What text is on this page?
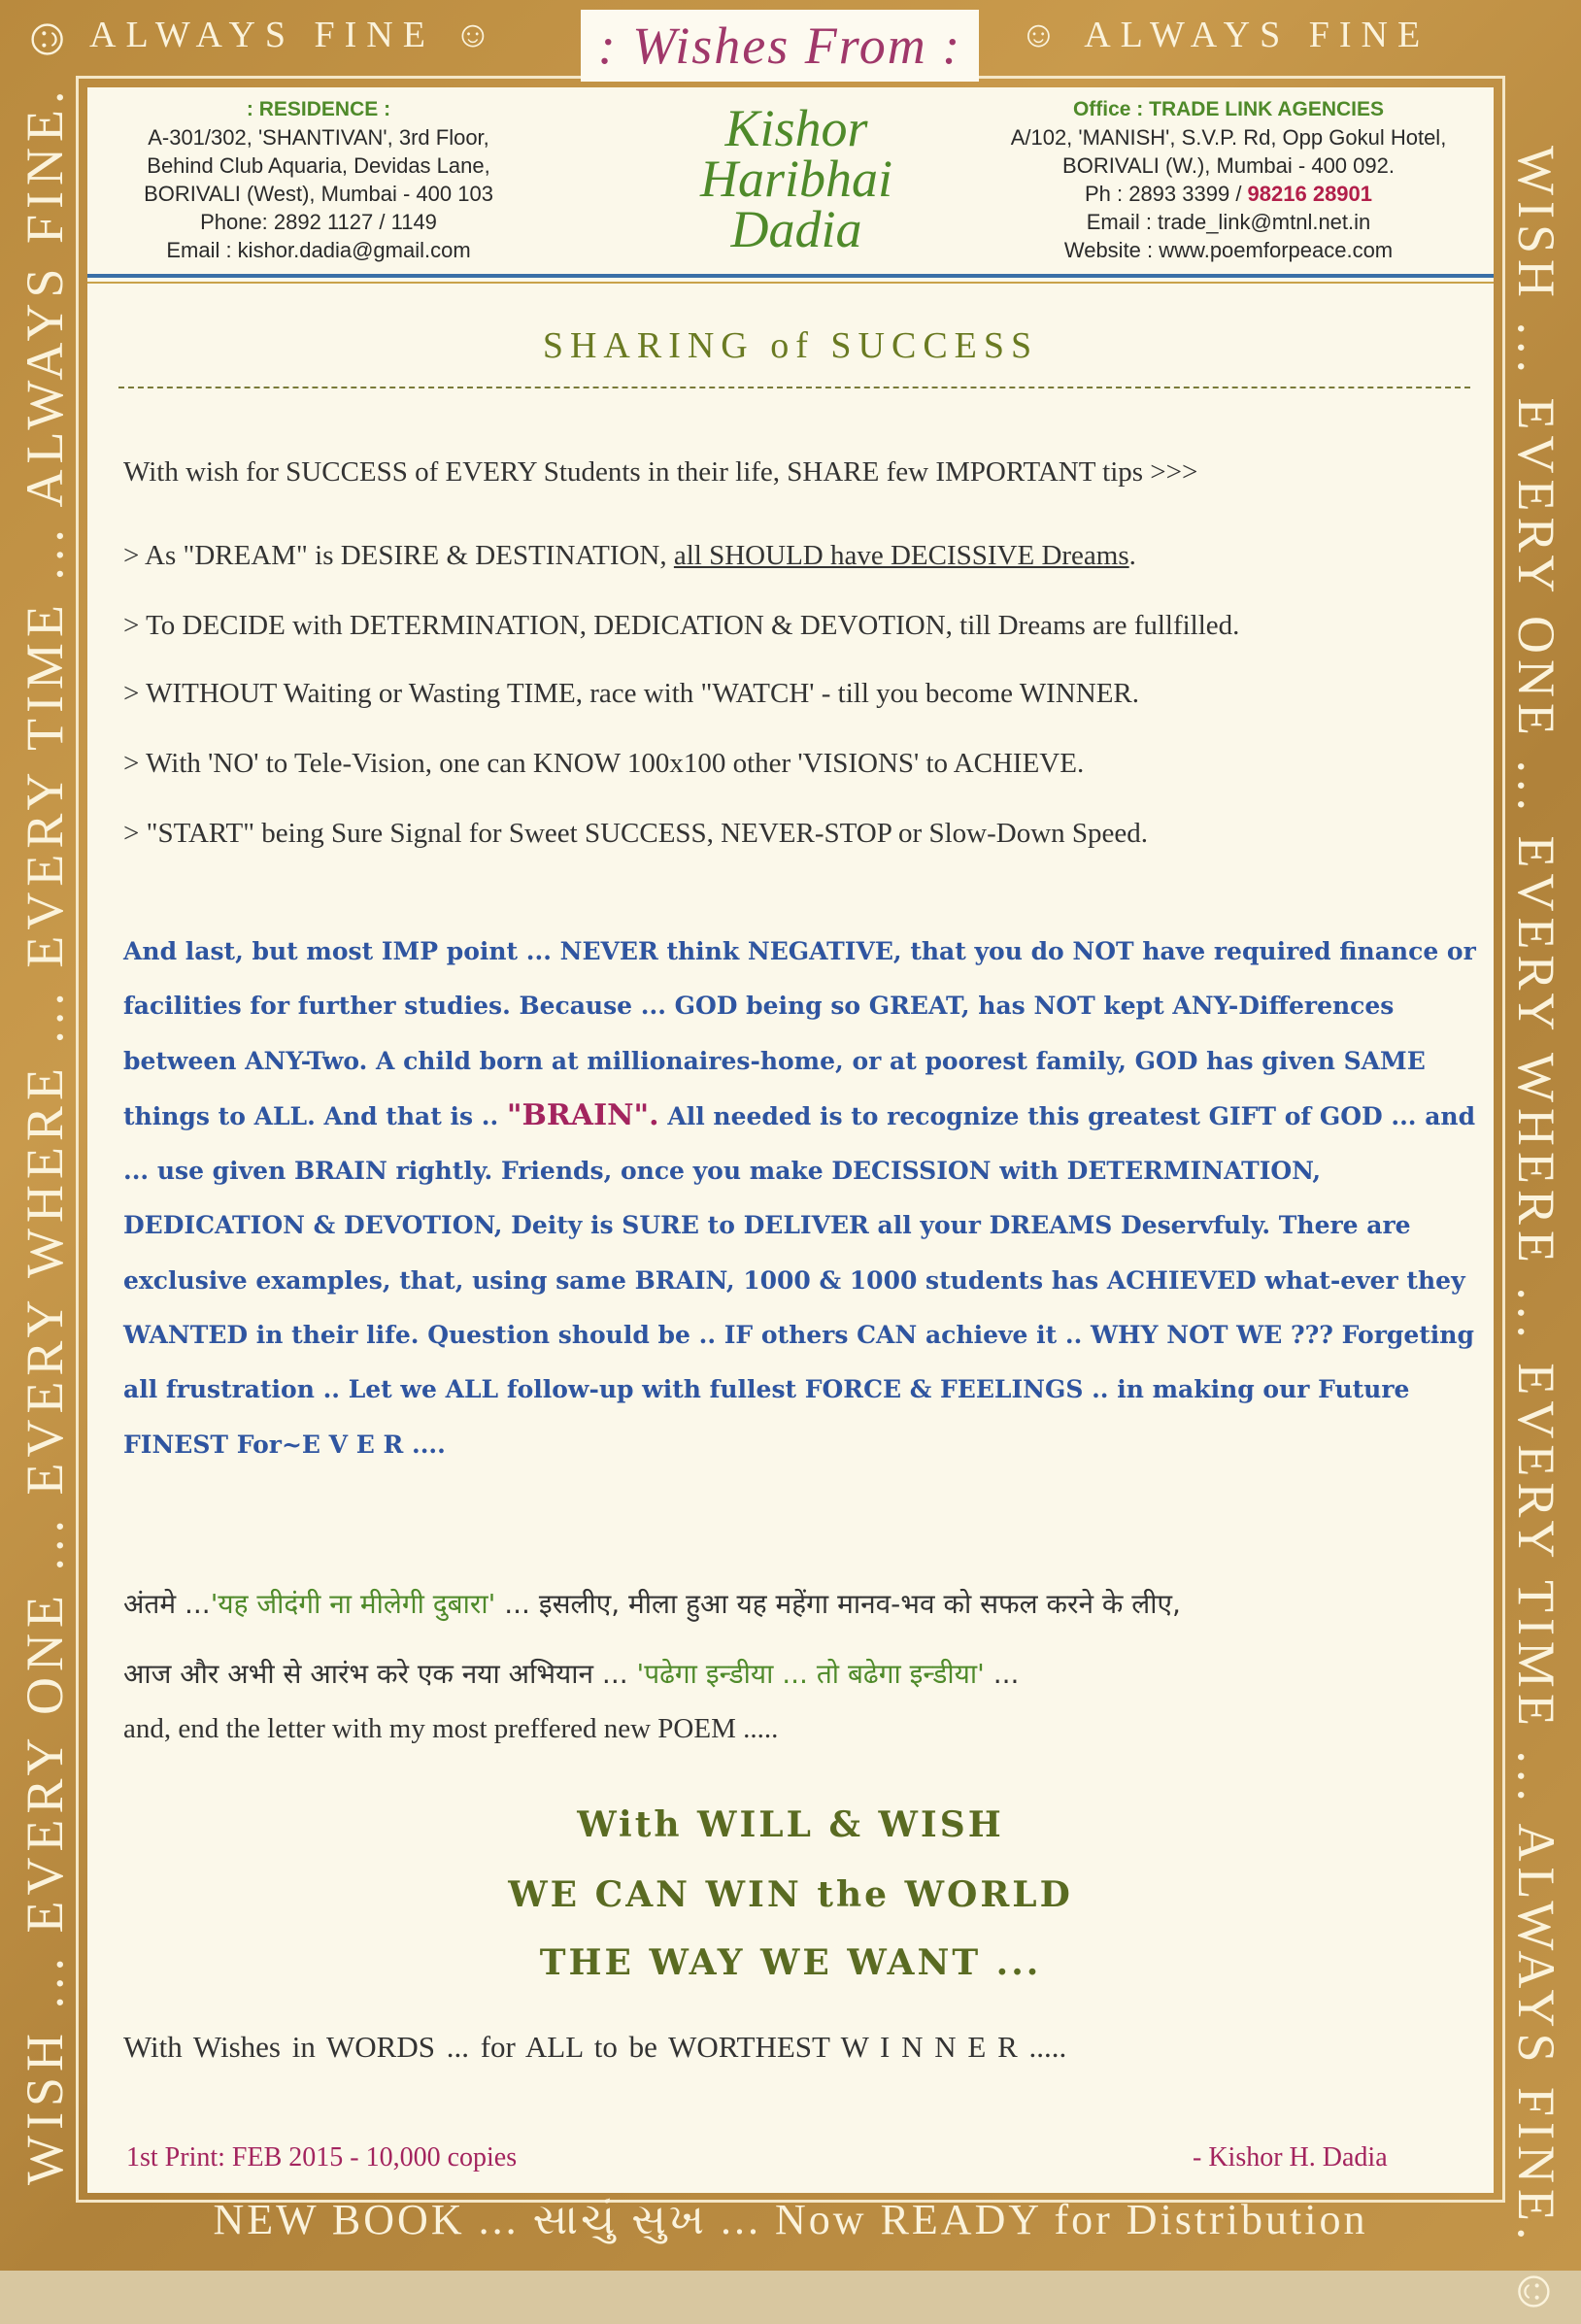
ALWAYS FINE ☺	: Wishes From :	☺ ALWAYS FINE
WISH ... EVERY ONE ... EVERY WHERE ... EVERY TIME ... ALWAYS FINE. ☺	WISH ... EVERY ONE ... EVERY WHERE ... EVERY TIME ... ALWAYS FINE. ☺
NEW BOOK ... સાચું સુખ ... Now READY for Distribution
: RESIDENCE :
A-301/302, 'SHANTIVAN', 3rd Floor,
Behind Club Aquaria, Devidas Lane,
BORIVALI (West), Mumbai - 400 103
Phone: 2892 1127 / 1149
Email : kishor.dadia@gmail.com
Kishor
Haribhai
Dadia
Office : TRADE LINK AGENCIES
A/102, 'MANISH', S.V.P. Rd, Opp Gokul Hotel,
BORIVALI (W.), Mumbai - 400 092.
Ph : 2893 3399 / 98216 28901
Email : trade_link@mtnl.net.in
Website : www.poemforpeace.com
SHARING of SUCCESS
With wish for SUCCESS of EVERY Students in their life, SHARE few IMPORTANT tips >>>
> As "DREAM" is DESIRE & DESTINATION, all SHOULD have DECISSIVE Dreams.
> To DECIDE with DETERMINATION, DEDICATION & DEVOTION, till Dreams are fullfilled.
> WITHOUT Waiting or Wasting TIME, race with "WATCH' - till you become WINNER.
> With 'NO' to Tele-Vision, one can KNOW 100x100 other 'VISIONS' to ACHIEVE.
> "START" being Sure Signal for Sweet SUCCESS, NEVER-STOP or Slow-Down Speed.
And last, but most IMP point ... NEVER think NEGATIVE, that you do NOT have required finance or facilities for further studies. Because ... GOD being so GREAT, has NOT kept ANY-Differences between ANY-Two. A child born at millionaires-home, or at poorest family, GOD has given SAME things to ALL. And that is .. "BRAIN". All needed is to recognize this greatest GIFT of GOD ... and ... use given BRAIN rightly. Friends, once you make DECISSION with DETERMINATION, DEDICATION & DEVOTION, Deity is SURE to DELIVER all your DREAMS Deservfuly. There are exclusive examples, that, using same BRAIN, 1000 & 1000 students has ACHIEVED what-ever they WANTED in their life. Question should be .. IF others CAN achieve it .. WHY NOT WE ??? Forgeting all frustration .. Let we ALL follow-up with fullest FORCE & FEELINGS .. in making our Future FINEST For~E V E R ....
अंतमे ...'यह जीदंगी ना मीलेगी दुबारा' ... इसलीए, मीला हुआ यह महेंगा मानव-भव को सफल करने के लीए,
आज और अभी से आरंभ करे एक नया अभियान ... 'पढेगा इन्डीया ... तो बढेगा इन्डीया' ...
and, end the letter with my most preffered new POEM .....
With WILL & WISH
WE CAN WIN the WORLD
THE WAY WE WANT ...
With Wishes in WORDS ... for ALL to be WORTHEST W I N N E R .....
1st Print: FEB 2015 - 10,000 copies	- Kishor H. Dadia
